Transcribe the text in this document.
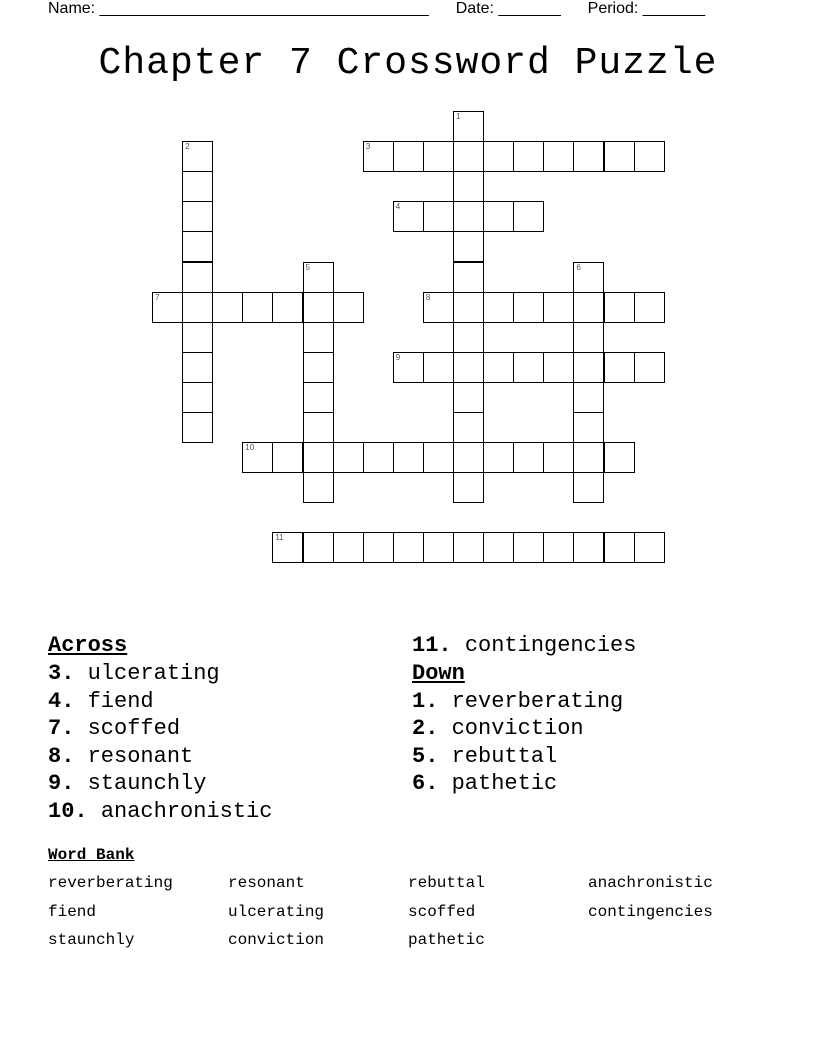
Name: _____________________________________ Date: _______ Period: _______
Chapter 7 Crossword Puzzle
1
2	3
4
5	6
7	8
9
10
11
Across
3. ulcerating
4. fiend
7. scoffed
8. resonant
9. staunchly
10. anachronistic
11. contingencies
Down
1. reverberating
2. conviction
5. rebuttal
6. pathetic
Word Bank
reverberating	resonant	rebuttal	anachronistic
fiend	ulcerating	scoffed	contingencies
staunchly	conviction	pathetic
